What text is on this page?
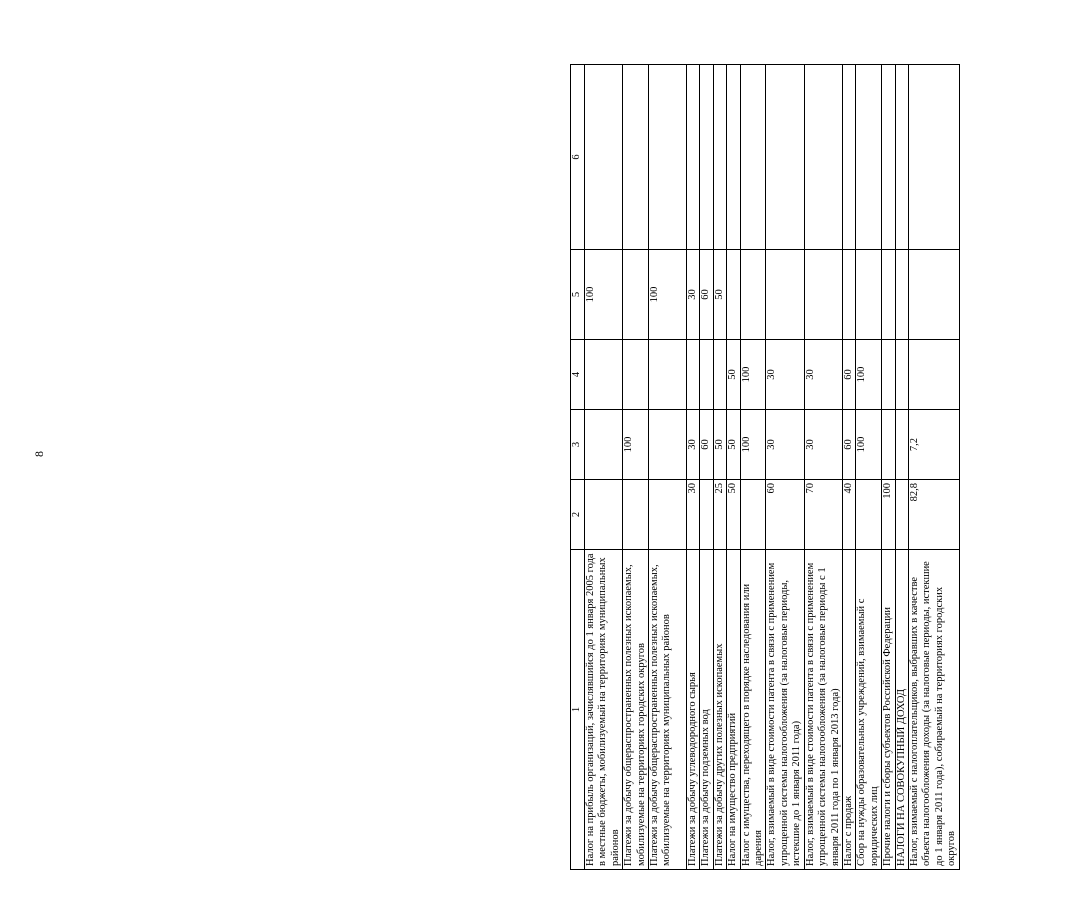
8
1	2	3	4	5	6
Налог на прибыль организаций, зачислявшийся до 1 января 2005 года в местные бюджеты, мобилизуемый на территориях муниципальных районов				100	
Платежи за добычу общераспространенных полезных ископаемых, мобилизуемые на территориях городских округов		100			
Платежи за добычу общераспространенных полезных ископаемых, мобилизуемые на территориях муниципальных районов				100	
Платежи за добычу углеводородного сырья	30	30		30	
Платежи за добычу подземных вод		60		60	
Платежи за добычу других полезных ископаемых	25	50		50	
Налог на имущество предприятий	50	50	50		
Налог с имущества, переходящего в порядке наследования или дарения		100	100		
Налог, взимаемый в виде стоимости патента в связи с применением упрощенной системы налогообложения (за налоговые периоды, истекшие до 1 января 2011 года)	60	30	30		
Налог, взимаемый в виде стоимости патента в связи с применением упрощенной системы налогообложения (за налоговые периоды с 1 января 2011 года по 1 января 2013 года)	70	30	30		
Налог с продаж	40	60	60		
Сбор на нужды образовательных учреждений, взимаемый с юридических лиц		100	100		
Прочие налоги и сборы субъектов Российской Федерации	100				
НАЛОГИ НА СОВОКУПНЫЙ ДОХОД					
Налог, взимаемый с налогоплательщиков, выбравших в качестве объекта налогообложения доходы (за налоговые периоды, истекшие до 1 января 2011 года), собираемый на территориях городских округов	82,8	7,2			
